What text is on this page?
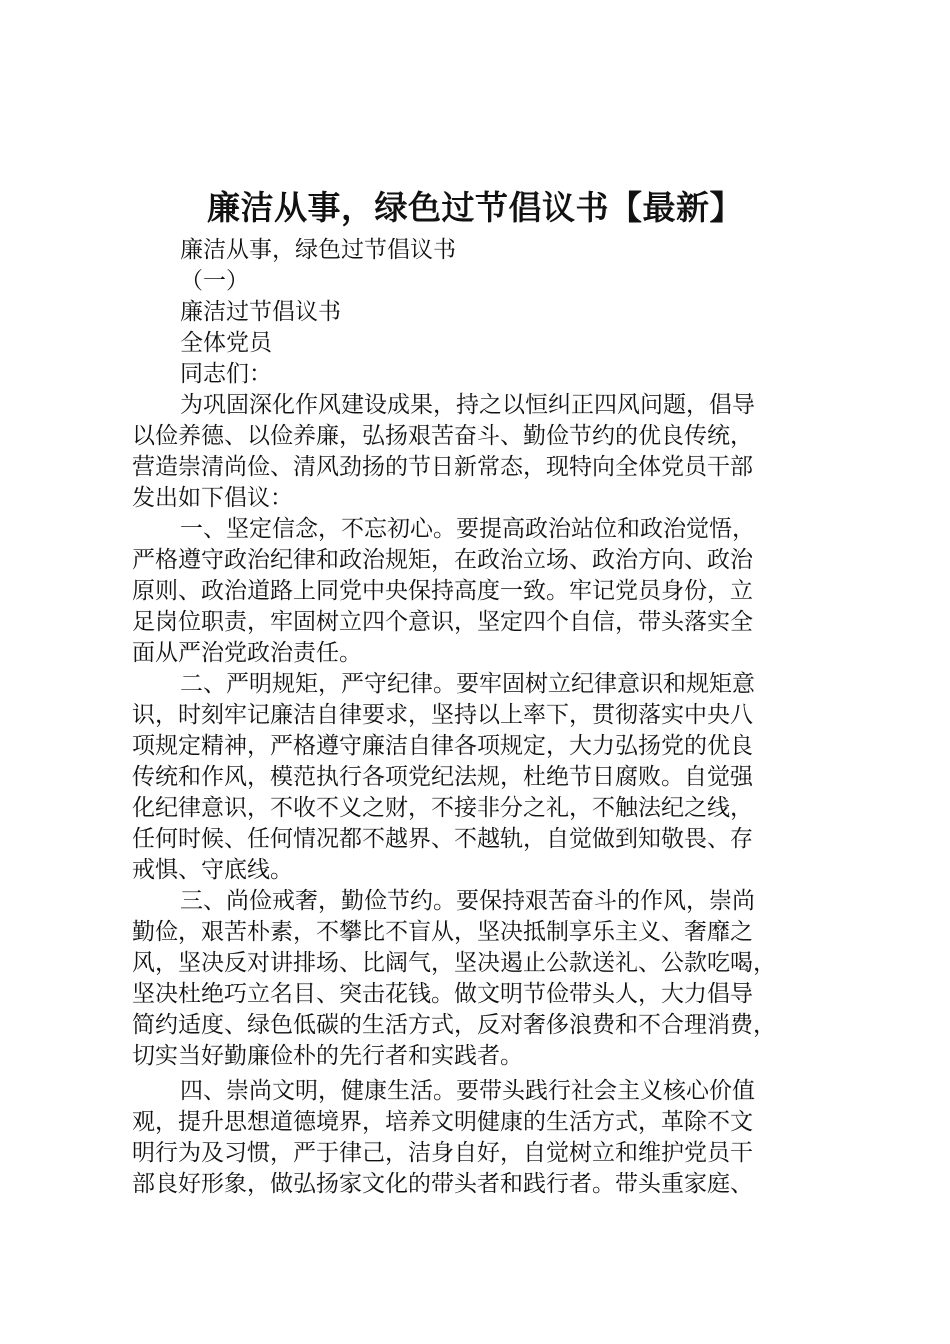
廉洁从事，绿色过节倡议书【最新】
廉洁从事，绿色过节倡议书
（一）
廉洁过节倡议书
全体党员
同志们：
为巩固深化作风建设成果，持之以恒纠正四风问题，倡导
以俭养德、以俭养廉，弘扬艰苦奋斗、勤俭节约的优良传统，
营造崇清尚俭、清风劲扬的节日新常态，现特向全体党员干部
发出如下倡议：
一、坚定信念，不忘初心。要提高政治站位和政治觉悟，
严格遵守政治纪律和政治规矩，在政治立场、政治方向、政治
原则、政治道路上同党中央保持高度一致。牢记党员身份，立
足岗位职责，牢固树立四个意识，坚定四个自信，带头落实全
面从严治党政治责任。
二、严明规矩，严守纪律。要牢固树立纪律意识和规矩意
识，时刻牢记廉洁自律要求，坚持以上率下，贯彻落实中央八
项规定精神，严格遵守廉洁自律各项规定，大力弘扬党的优良
传统和作风，模范执行各项党纪法规，杜绝节日腐败。自觉强
化纪律意识，不收不义之财，不接非分之礼，不触法纪之线，
任何时候、任何情况都不越界、不越轨，自觉做到知敬畏、存
戒惧、守底线。
三、尚俭戒奢，勤俭节约。要保持艰苦奋斗的作风，崇尚
勤俭，艰苦朴素，不攀比不盲从，坚决抵制享乐主义、奢靡之
风，坚决反对讲排场、比阔气，坚决遏止公款送礼、公款吃喝，
坚决杜绝巧立名目、突击花钱。做文明节俭带头人，大力倡导
简约适度、绿色低碳的生活方式，反对奢侈浪费和不合理消费，
切实当好勤廉俭朴的先行者和实践者。
四、崇尚文明，健康生活。要带头践行社会主义核心价值
观，提升思想道德境界，培养文明健康的生活方式，革除不文
明行为及习惯，严于律己，洁身自好，自觉树立和维护党员干
部良好形象，做弘扬家文化的带头者和践行者。带头重家庭、
